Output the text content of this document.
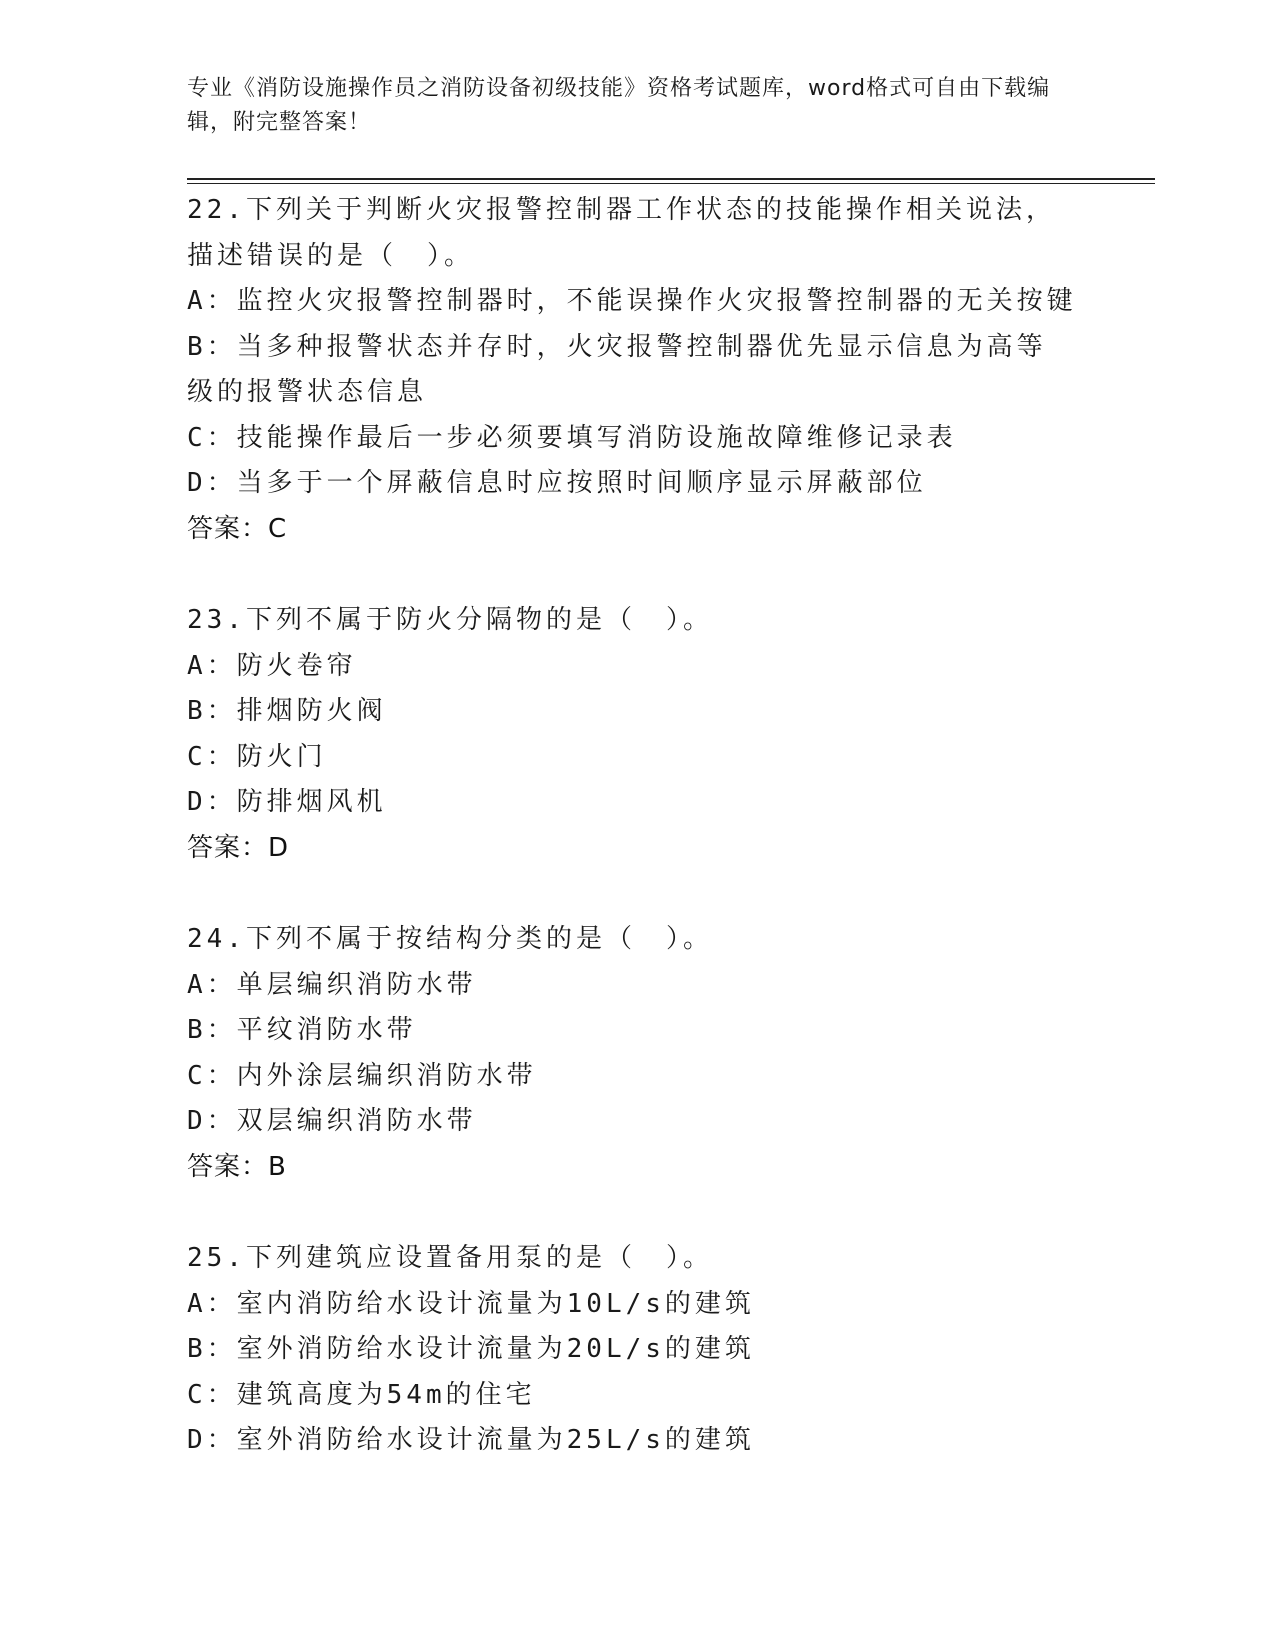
专业《消防设施操作员之消防设备初级技能》资格考试题库，word格式可自由下载编辑，附完整答案！
22.下列关于判断火灾报警控制器工作状态的技能操作相关说法，描述错误的是（　）。
A：监控火灾报警控制器时，不能误操作火灾报警控制器的无关按键
B：当多种报警状态并存时，火灾报警控制器优先显示信息为高等级的报警状态信息
C：技能操作最后一步必须要填写消防设施故障维修记录表
D：当多于一个屏蔽信息时应按照时间顺序显示屏蔽部位
答案：C
23.下列不属于防火分隔物的是（　）。
A：防火卷帘
B：排烟防火阀
C：防火门
D：防排烟风机
答案：D
24.下列不属于按结构分类的是（　）。
A：单层编织消防水带
B：平纹消防水带
C：内外涂层编织消防水带
D：双层编织消防水带
答案：B
25.下列建筑应设置备用泵的是（　）。
A：室内消防给水设计流量为10L/s的建筑
B：室外消防给水设计流量为20L/s的建筑
C：建筑高度为54m的住宅
D：室外消防给水设计流量为25L/s的建筑
